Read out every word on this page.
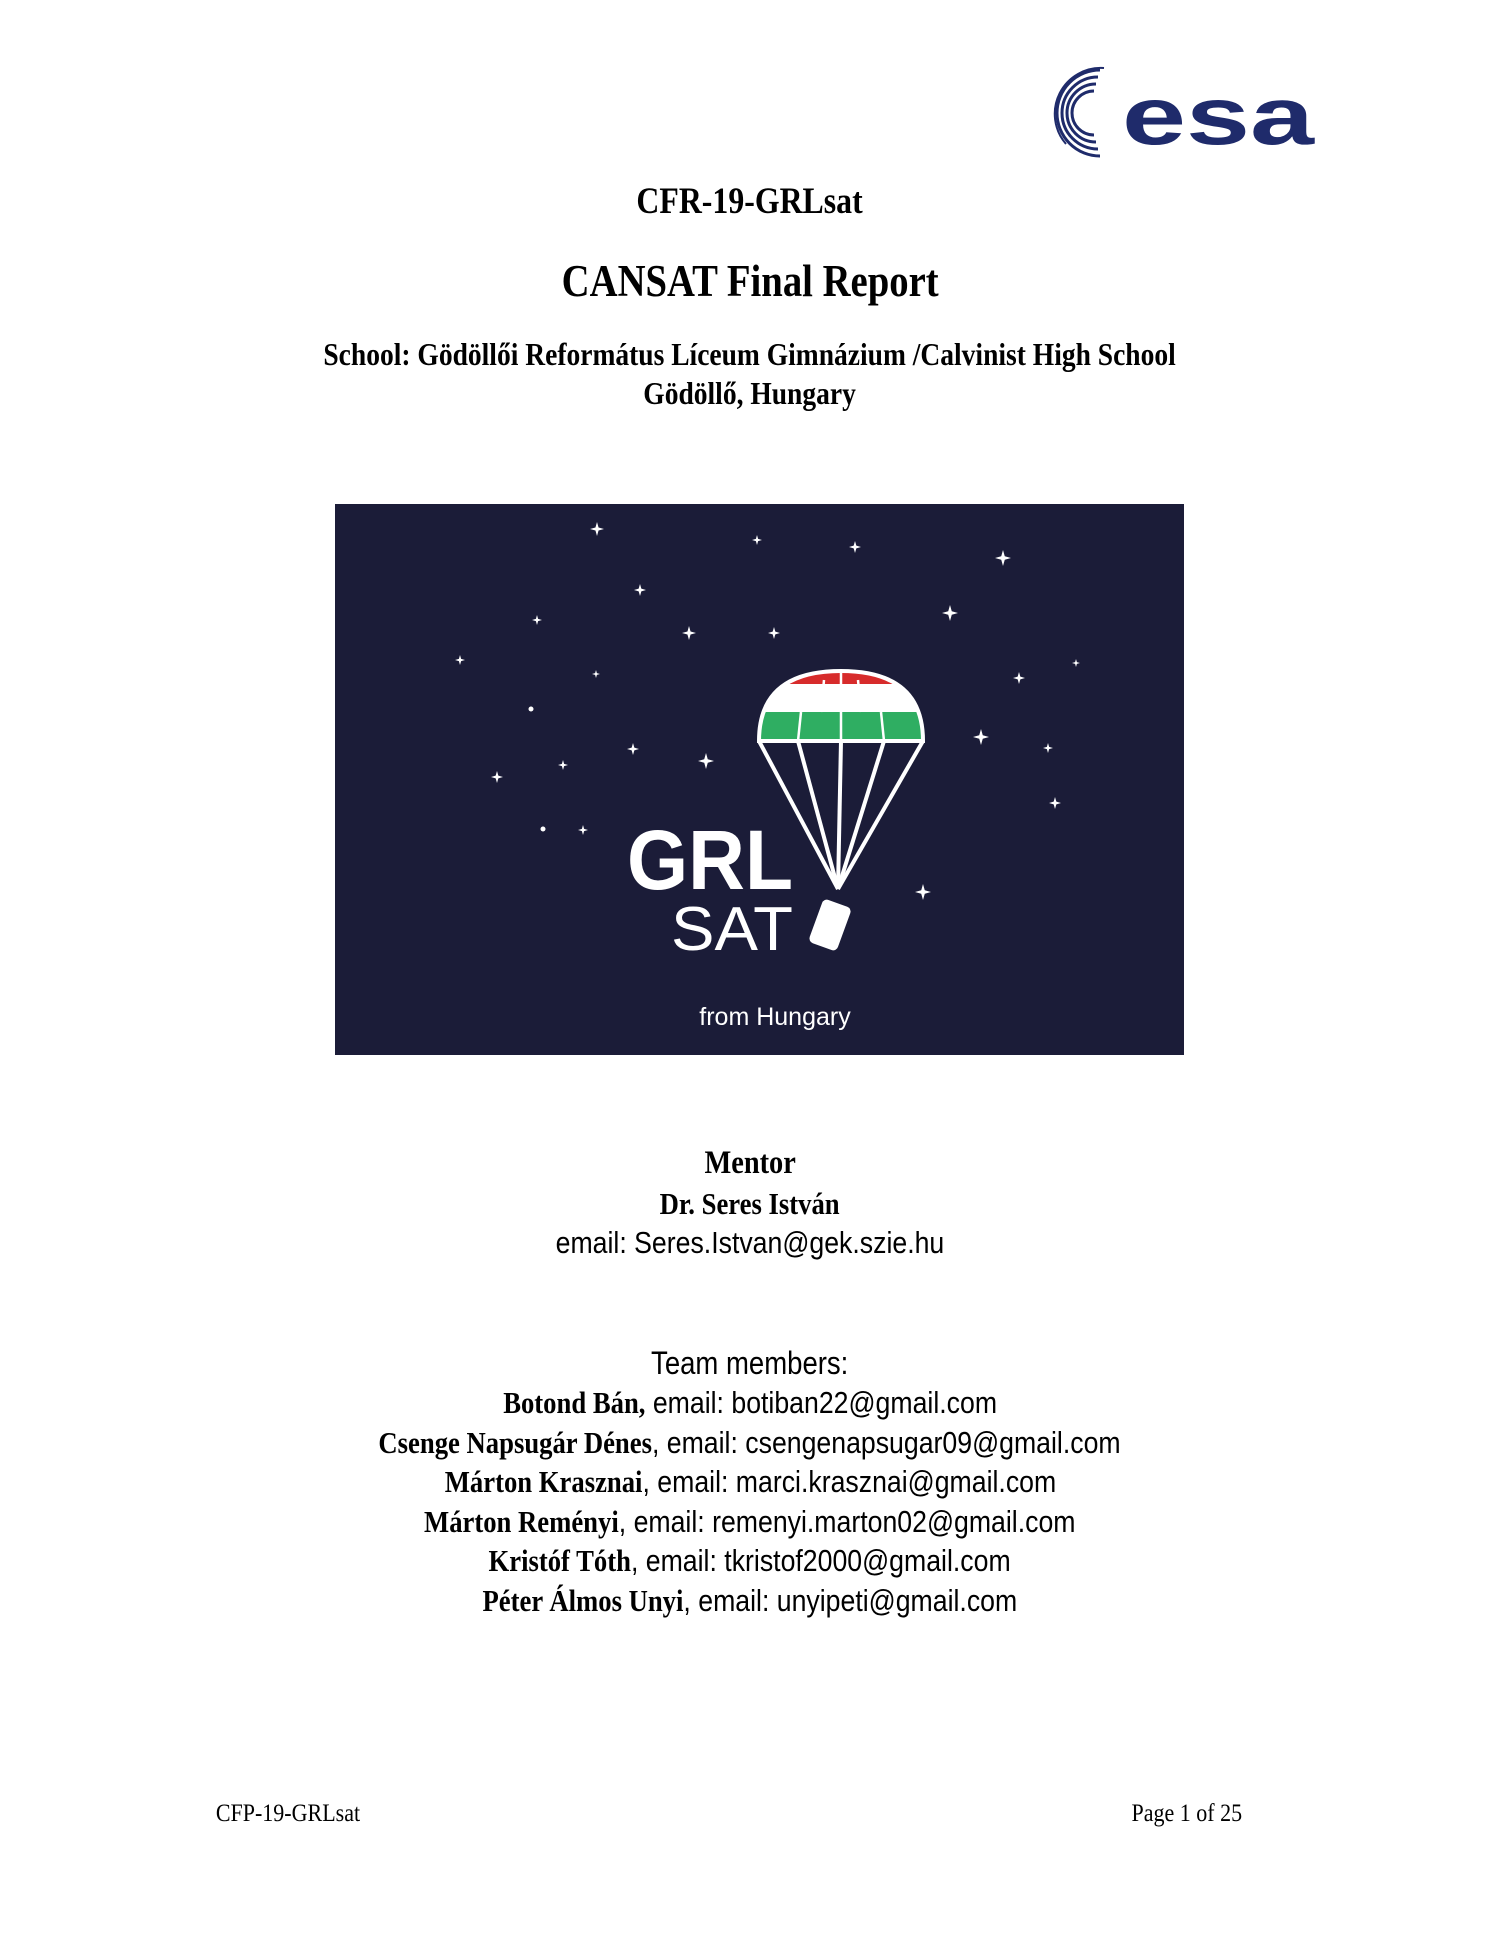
esa
CFR-19-GRLsat
CANSAT Final Report
School: Gödöllői Református Líceum Gimnázium /Calvinist High School
Gödöllő, Hungary
GRL
SAT
from Hungary
Mentor
Dr. Seres István
email: Seres.Istvan@gek.szie.hu
Team members:
Botond Bán, email: botiban22@gmail.com
Csenge Napsugár Dénes, email: csengenapsugar09@gmail.com
Márton Krasznai, email: marci.krasznai@gmail.com
Márton Reményi, email: remenyi.marton02@gmail.com
Kristóf Tóth, email: tkristof2000@gmail.com
Péter Álmos Unyi, email: unyipeti@gmail.com
CFP-19-GRLsat	Page 1 of 25
